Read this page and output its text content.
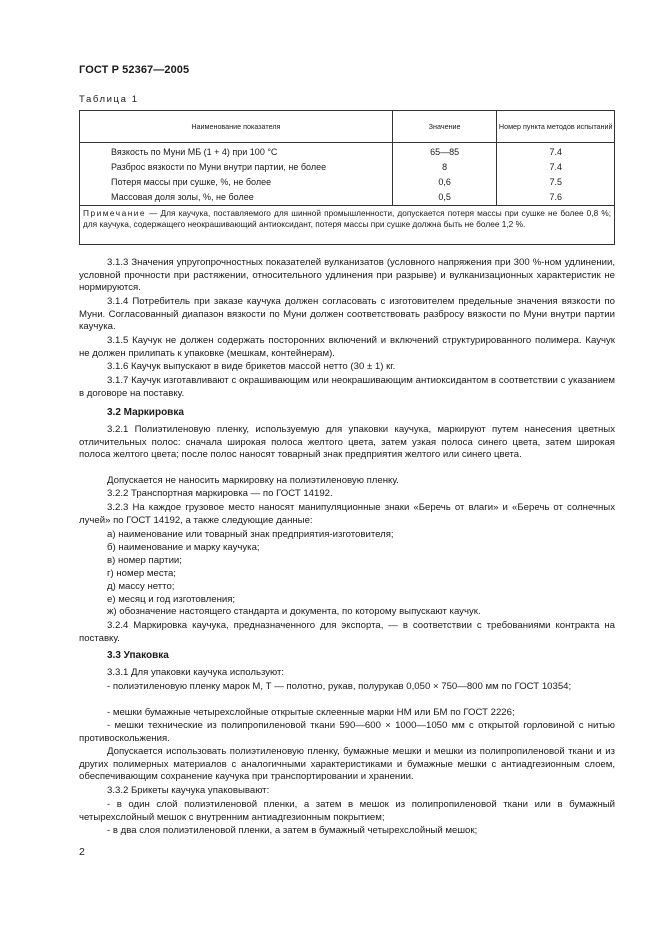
ГОСТ Р 52367—2005
Таблица 1
Наименование показателя	Значение	Номер пункта методов испытаний
Вязкость по Муни МБ (1 + 4) при 100 °С	65—85	7.4
Разброс вязкости по Муни внутри партии, не более	8	7.4
Потеря массы при сушке, %, не более	0,6	7.5
Массовая доля золы, %, не более	0,5	7.6
Примечание — Для каучука, поставляемого для шинной промышленности, допускается потеря массы при сушке не более 0,8 %; для каучука, содержащего неокрашивающий антиоксидант, потеря массы при сушке должна быть не более 1,2 %.		
3.1.3 Значения упругопрочностных показателей вулканизатов (условного напряжения при 300 %-ном удлинении, условной прочности при растяжении, относительного удлинения при разрыве) и вулканизационных характеристик не нормируются.
3.1.4 Потребитель при заказе каучука должен согласовать с изготовителем предельные значения вязкости по Муни. Согласованный диапазон вязкости по Муни должен соответствовать разбросу вязкости по Муни внутри партии каучука.
3.1.5 Каучук не должен содержать посторонних включений и включений структурированного полимера. Каучук не должен прилипать к упаковке (мешкам, контейнерам).
3.1.6 Каучук выпускают в виде брикетов массой нетто (30 ± 1) кг.
3.1.7 Каучук изготавливают с окрашивающим или неокрашивающим антиоксидантом в соответствии с указанием в договоре на поставку.
3.2 Маркировка
3.2.1 Полиэтиленовую пленку, используемую для упаковки каучука, маркируют путем нанесения цветных отличительных полос: сначала широкая полоса желтого цвета, затем узкая полоса синего цвета, затем широкая полоса желтого цвета; после полос наносят товарный знак предприятия желтого или синего цвета.
Допускается не наносить маркировку на полиэтиленовую пленку.
3.2.2 Транспортная маркировка — по ГОСТ 14192.
3.2.3 На каждое грузовое место наносят манипуляционные знаки «Беречь от влаги» и «Беречь от солнечных лучей» по ГОСТ 14192, а также следующие данные:
а) наименование или товарный знак предприятия-изготовителя;
б) наименование и марку каучука;
в) номер партии;
г) номер места;
д) массу нетто;
е) месяц и год изготовления;
ж) обозначение настоящего стандарта и документа, по которому выпускают каучук.
3.2.4 Маркировка каучука, предназначенного для экспорта, — в соответствии с требованиями контракта на поставку.
3.3 Упаковка
3.3.1 Для упаковки каучука используют:
- полиэтиленовую пленку марок М, Т — полотно, рукав, полурукав 0,050 × 750—800 мм по ГОСТ 10354;
- мешки бумажные четырехслойные открытые склеенные марки НМ или БМ по ГОСТ 2226;
- мешки технические из полипропиленовой ткани 590—600 × 1000—1050 мм с открытой горловиной с нитью противоскольжения.
Допускается использовать полиэтиленовую пленку, бумажные мешки и мешки из полипропиленовой ткани и из других полимерных материалов с аналогичными характеристиками и бумажные мешки с антиадгезионным слоем, обеспечивающим сохранение каучука при транспортировании и хранении.
3.3.2 Брикеты каучука упаковывают:
- в один слой полиэтиленовой пленки, а затем в мешок из полипропиленовой ткани или в бумажный четырехслойный мешок с внутренним антиадгезионным покрытием;
- в два слоя полиэтиленовой пленки, а затем в бумажный четырехслойный мешок;
2
